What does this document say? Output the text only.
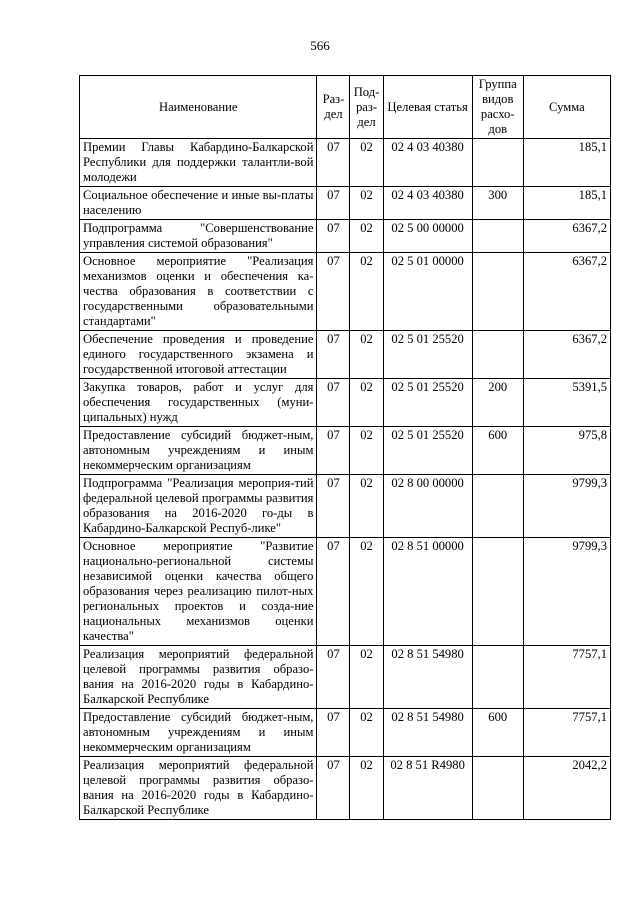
566
Наименование	Раз-дел	Под-раз-дел	Целевая статья	Группа видов расхо-дов	Сумма
Премии Главы Кабардино-Балкарской Республики для поддержки талантли-вой молодежи	07	02	02 4 03 40380		185,1
Социальное обеспечение и иные вы-платы населению	07	02	02 4 03 40380	300	185,1
Подпрограмма "Совершенствование управления системой образования"	07	02	02 5 00 00000		6367,2
Основное мероприятие "Реализация механизмов оценки и обеспечения ка-чества образования в соответствии с государственными образовательными стандартами"	07	02	02 5 01 00000		6367,2
Обеспечение проведения и проведение единого государственного экзамена и государственной итоговой аттестации	07	02	02 5 01 25520		6367,2
Закупка товаров, работ и услуг для обеспечения государственных (муни-ципальных) нужд	07	02	02 5 01 25520	200	5391,5
Предоставление субсидий бюджет-ным, автономным учреждениям и иным некоммерческим организациям	07	02	02 5 01 25520	600	975,8
Подпрограмма "Реализация мероприя-тий федеральной целевой программы развития образования на 2016-2020 го-ды в Кабардино-Балкарской Респуб-лике"	07	02	02 8 00 00000		9799,3
Основное мероприятие "Развитие национально-региональной системы независимой оценки качества общего образования через реализацию пилот-ных региональных проектов и созда-ние национальных механизмов оценки качества"	07	02	02 8 51 00000		9799,3
Реализация мероприятий федеральной целевой программы развития образо-вания на 2016-2020 годы в Кабардино-Балкарской Республике	07	02	02 8 51 54980		7757,1
Предоставление субсидий бюджет-ным, автономным учреждениям и иным некоммерческим организациям	07	02	02 8 51 54980	600	7757,1
Реализация мероприятий федеральной целевой программы развития образо-вания на 2016-2020 годы в Кабардино-Балкарской Республике	07	02	02 8 51 R4980		2042,2
